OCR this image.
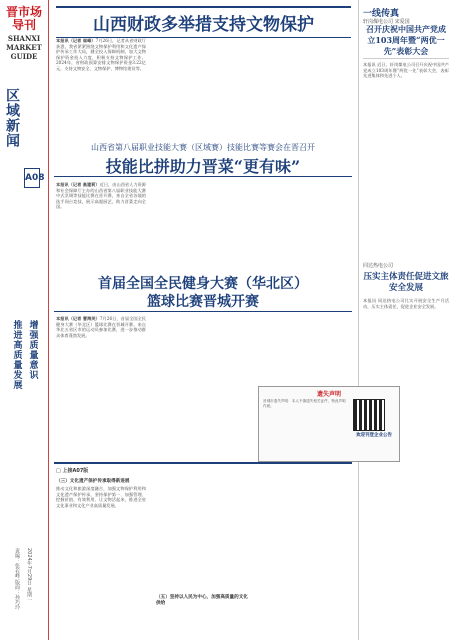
晋市场导刊
SHANXI MARKET GUIDE
区域新闻
A08
增强质量意识
推进高质量发展
责编：张若峰 版面：孙巧玲 2024年7月29日 星期一
山西财政多举措支持文物保护
本报讯（记者 崔峰）7月26日，记者从省财政厅获悉，我省紧紧围绕文物保护利用和文化遗产保护传承工作大局，健全投入保障机制，加大文物保护资金投入力度，积极支持文物保护工作。2024年，省财政预算安排文物保护资金3.22亿元，支持文物安全、文物保护、博物馆建设等。
山西省第八届职业技能大赛（区域赛）技能比赛等赛会在晋召开
技能比拼助力晋菜“更有味”
本报讯（记者 高建莉）近日，由山西省人力资源和社会保障厅主办的山西省第八届职业技能大赛中式烹调等技能比赛在晋开赛，来自全省各地的选手同台竞技，展示高超厨艺，助力晋菜走向全国。
首届全国全民健身大赛（华北区）
篮球比赛晋城开赛
本报讯（记者 曹海英）7月26日，首届全国全民健身大赛（华北区）篮球比赛在晋城开赛。来自华北五省区市的运动员参加比赛，进一步推动群众体育蓬勃发展。
□ 上接A07版
（三）文化遗产保护传承取得新进展
推动文化和旅游深度融合，加强文物保护利用和文化遗产保护传承，坚持保护第一、加强管理、挖掘价值、有效利用、让文物活起来，推进全省文化事业和文化产业高质量发展。
（五）坚持以人民为中心，加强高质量的文化供给
一线传真
轩岗煤电公司 宋爱国
召开庆祝中国共产党成立103周年暨“两优一先”表彰大会
本报讯 近日，轩岗煤电公司召开庆祝中国共产党成立103周年暨“两优一先”表彰大会，表彰先进集体和先进个人。
同达热电公司
压实主体责任促进文旅安全发展
本报讯 同达热电公司扎实开展安全生产月活动，压实主体责任，促进企业安全发展。
遗失声明
晋城市遗失声明：本人不慎遗失相关证件，特此声明作废。
欢迎刊登企业公告
